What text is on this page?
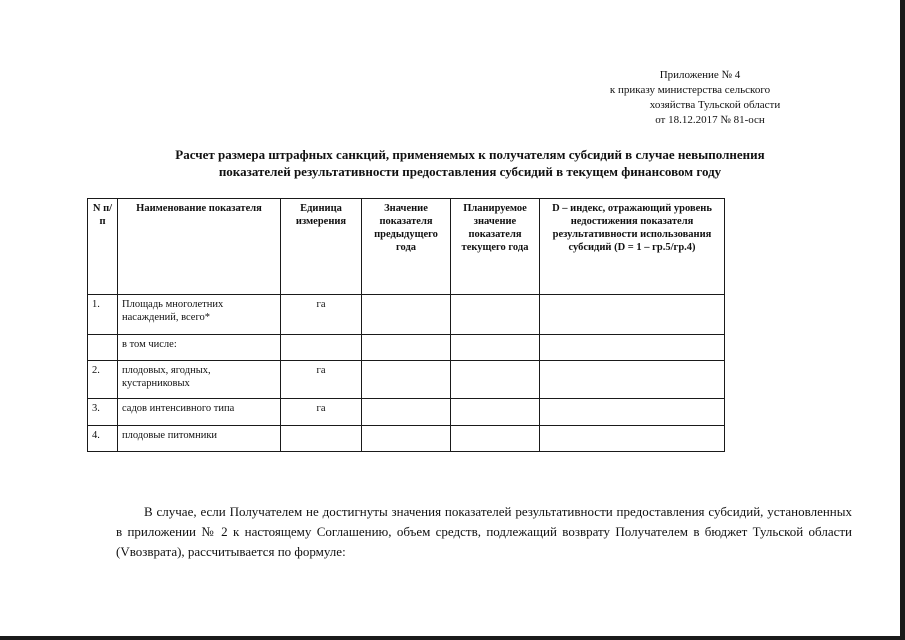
Приложение № 4
к приказу министерства сельского
хозяйства Тульской области
от 18.12.2017 № 81-осн
Расчет размера штрафных санкций, применяемых к получателям субсидий в случае невыполнения
показателей результативности предоставления субсидий в текущем финансовом году
N п/п	Наименование показателя	Единица измерения	Значение показателя предыдущего года	Планируемое значение показателя текущего года	D – индекс, отражающий уровень недостижения показателя результативности использования субсидий (D = 1 – гр.5/гр.4)
1.	Площадь многолетних насаждений, всего*	га			
	в том числе:				
2.	плодовых, ягодных, кустарниковых	га			
3.	садов интенсивного типа	га			
4.	плодовые питомники				

В случае, если Получателем не достигнуты значения показателей результативности предоставления субсидий, установленных в приложении № 2 к настоящему Соглашению, объем средств, подлежащий возврату Получателем в бюджет Тульской области (Vвозврата), рассчитывается по формуле:
